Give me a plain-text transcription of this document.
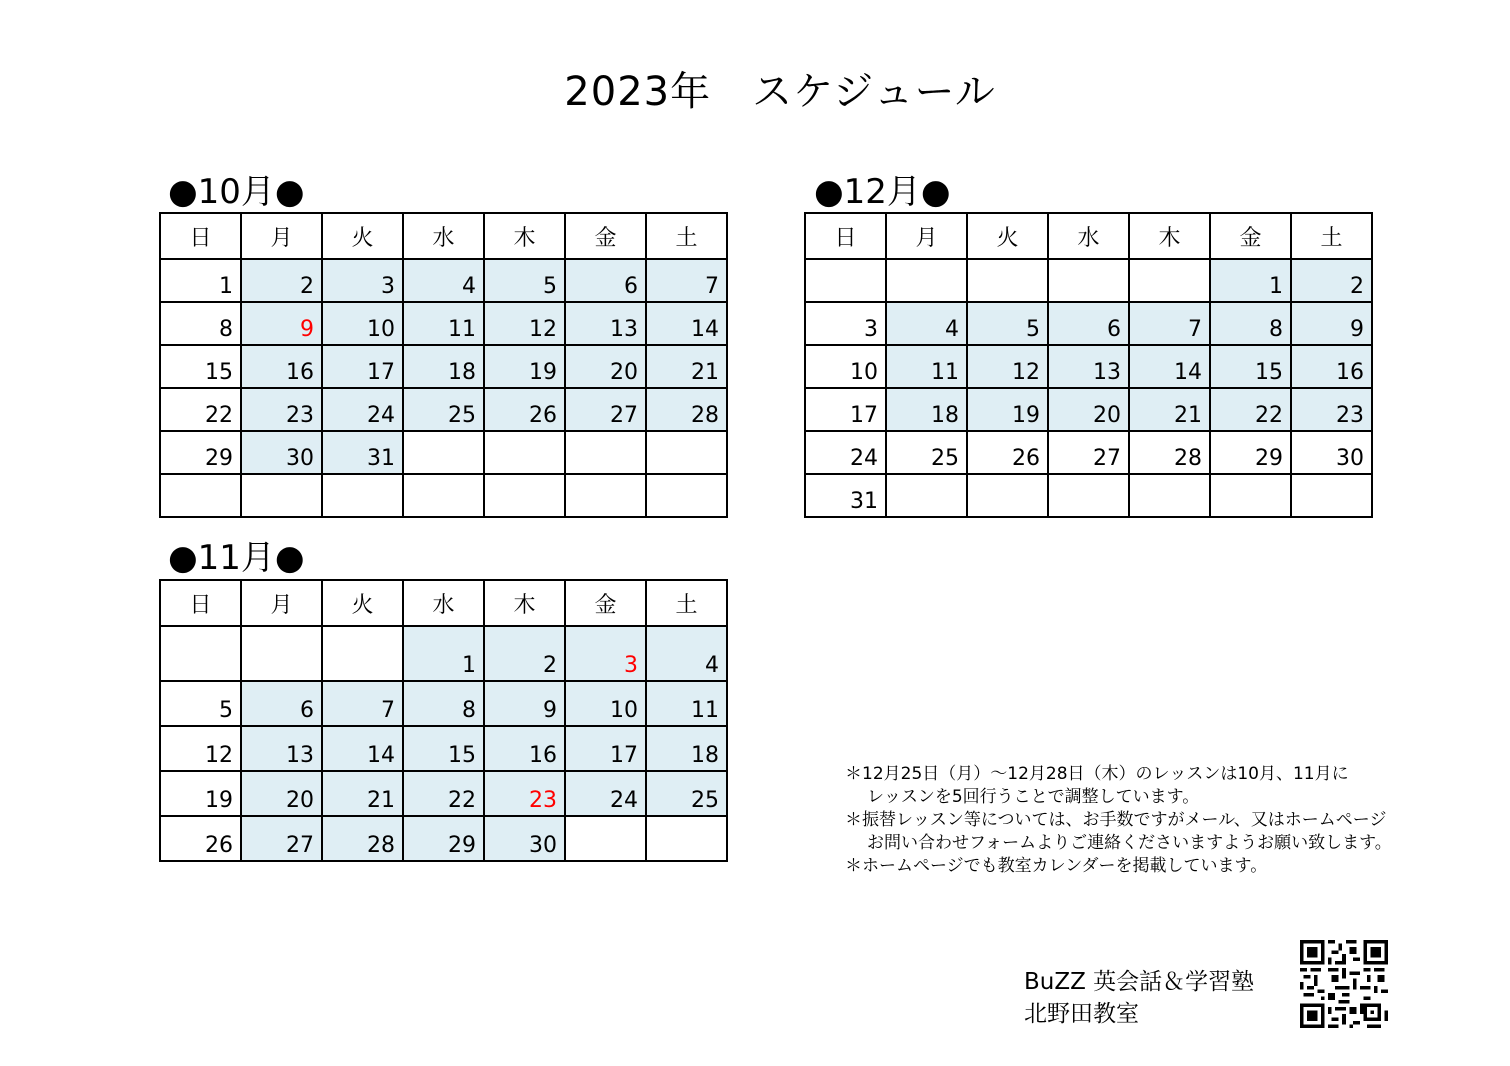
2023年　スケジュール
●10月●
日	月	火	水	木	金	土
1	2	3	4	5	6	7
8	9	10	11	12	13	14
15	16	17	18	19	20	21
22	23	24	25	26	27	28
29	30	31				

●11月●
日	月	火	水	木	金	土
			1	2	3	4
5	6	7	8	9	10	11
12	13	14	15	16	17	18
19	20	21	22	23	24	25
26	27	28	29	30		
●12月●
日	月	火	水	木	金	土
					1	2
3	4	5	6	7	8	9
10	11	12	13	14	15	16
17	18	19	20	21	22	23
24	25	26	27	28	29	30
31						
＊12月25日（月）～12月28日（木）のレッスンは10月、11月に
レッスンを5回行うことで調整しています。
＊振替レッスン等については、お手数ですがメール、又はホームページ
お問い合わせフォームよりご連絡くださいますようお願い致します。
＊ホームページでも教室カレンダーを掲載しています。
BuZZ 英会話＆学習塾
北野田教室
